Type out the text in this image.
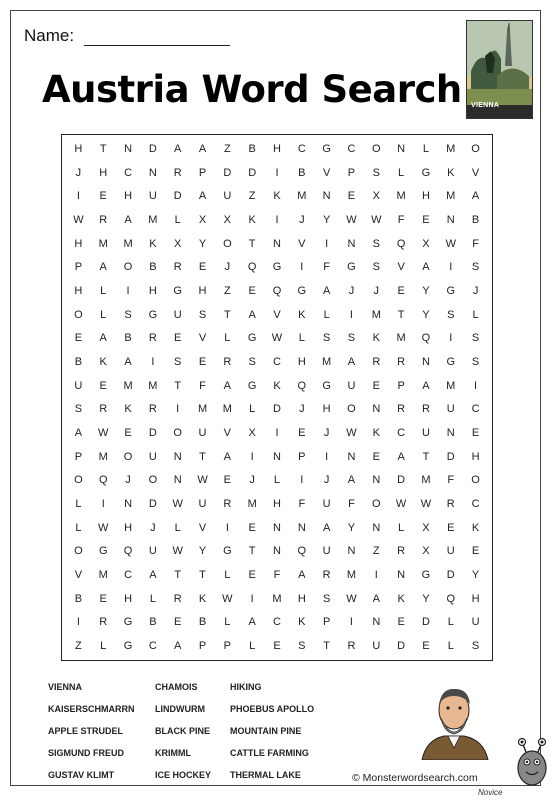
Name:
Austria Word Search VIENNA
H	T	N	D	A	A	Z	B	H	C	G	C	O	N	L	M	O
J	H	C	N	R	P	D	D	I	B	V	P	S	L	G	K	V
I	E	H	U	D	A	U	Z	K	M	N	E	X	M	H	M	A
W	R	A	M	L	X	X	K	I	J	Y	W	W	F	E	N	B
H	M	M	K	X	Y	O	T	N	V	I	N	S	Q	X	W	F
P	A	O	B	R	E	J	Q	G	I	F	G	S	V	A	I	S
H	L	I	H	G	H	Z	E	Q	G	A	J	J	E	Y	G	J
O	L	S	G	U	S	T	A	V	K	L	I	M	T	Y	S	L
E	A	B	R	E	V	L	G	W	L	S	S	K	M	Q	I	S
B	K	A	I	S	E	R	S	C	H	M	A	R	R	N	G	S
U	E	M	M	T	F	A	G	K	Q	G	U	E	P	A	M	I
S	R	K	R	I	M	M	L	D	J	H	O	N	R	R	U	C
A	W	E	D	O	U	V	X	I	E	J	W	K	C	U	N	E
P	M	O	U	N	T	A	I	N	P	I	N	E	A	T	D	H
O	Q	J	O	N	W	E	J	L	I	J	A	N	D	M	F	O
L	I	N	D	W	U	R	M	H	F	U	F	O	W	W	R	C
L	W	H	J	L	V	I	E	N	N	A	Y	N	L	X	E	K
O	G	Q	U	W	Y	G	T	N	Q	U	N	Z	R	X	U	E
V	M	C	A	T	T	L	E	F	A	R	M	I	N	G	D	Y
B	E	H	L	R	K	W	I	M	H	S	W	A	K	Y	Q	H
I	R	G	B	E	B	L	A	C	K	P	I	N	E	D	L	U
Z	L	G	C	A	P	P	L	E	S	T	R	U	D	E	L	S
VIENNA
KAISERSCHMARRN
APPLE STRUDEL
SIGMUND FREUD
GUSTAV KLIMT
CHAMOIS
LINDWURM
BLACK PINE
KRIMML
ICE HOCKEY
HIKING
PHOEBUS APOLLO
MOUNTAIN PINE
CATTLE FARMING
THERMAL LAKE	© Monsterwordsearch.com
Novice
